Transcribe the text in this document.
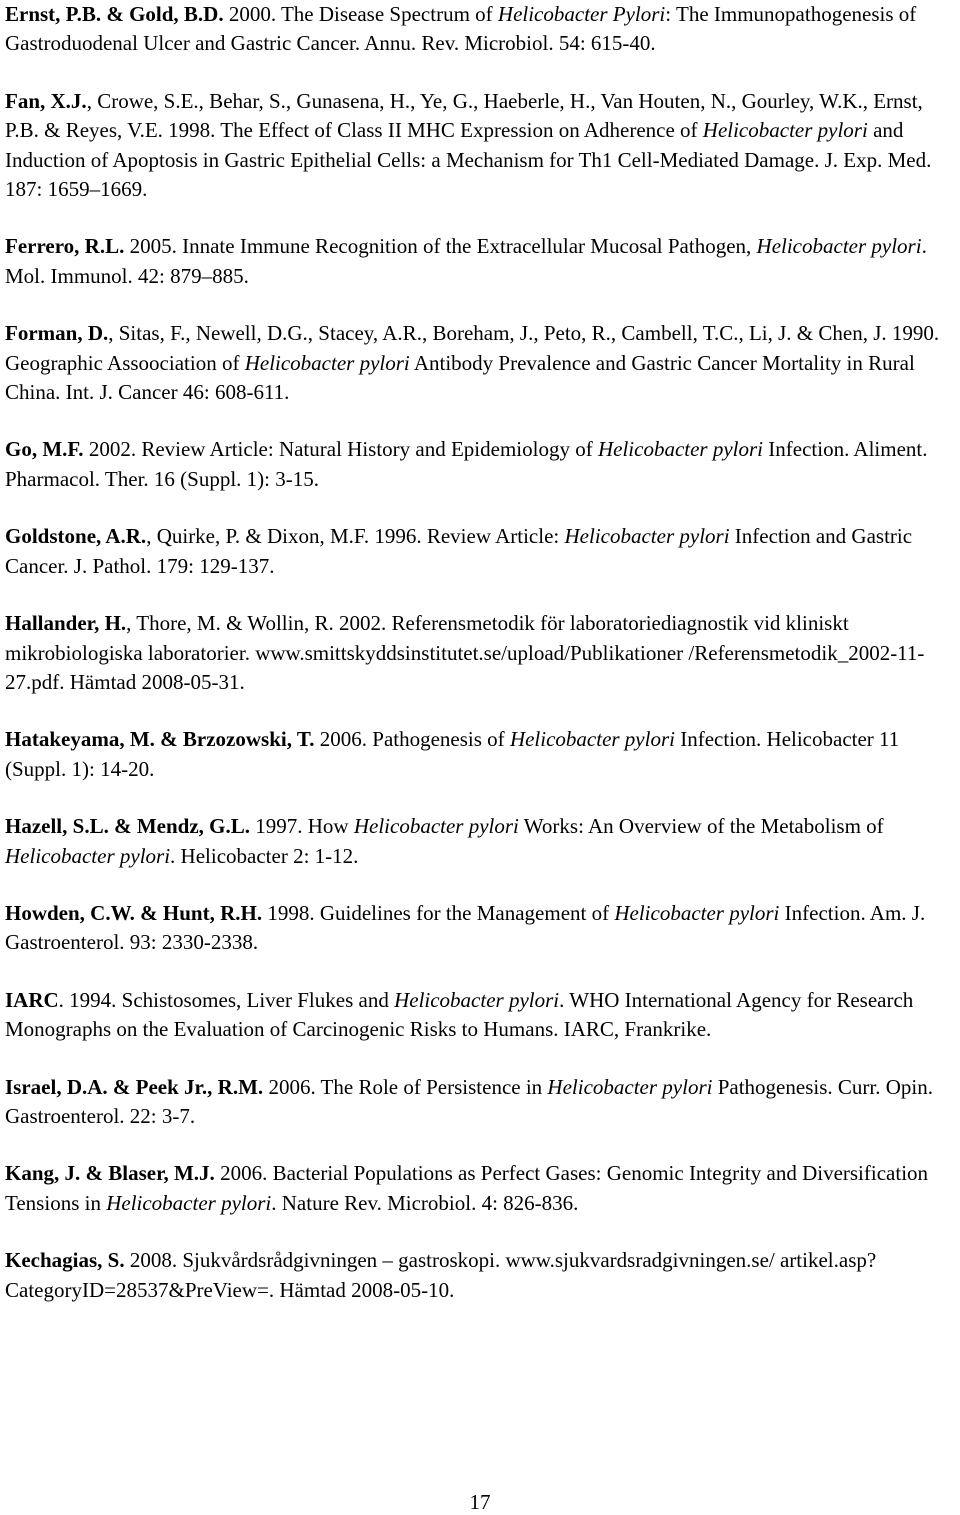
Ernst, P.B. & Gold, B.D. 2000. The Disease Spectrum of Helicobacter Pylori: The Immunopathogenesis of Gastroduodenal Ulcer and Gastric Cancer. Annu. Rev. Microbiol. 54: 615-40.
Fan, X.J., Crowe, S.E., Behar, S., Gunasena, H., Ye, G., Haeberle, H., Van Houten, N., Gourley, W.K., Ernst, P.B. & Reyes, V.E. 1998. The Effect of Class II MHC Expression on Adherence of Helicobacter pylori and Induction of Apoptosis in Gastric Epithelial Cells: a Mechanism for Th1 Cell-Mediated Damage. J. Exp. Med. 187: 1659–1669.
Ferrero, R.L. 2005. Innate Immune Recognition of the Extracellular Mucosal Pathogen, Helicobacter pylori. Mol. Immunol. 42: 879–885.
Forman, D., Sitas, F., Newell, D.G., Stacey, A.R., Boreham, J., Peto, R., Cambell, T.C., Li, J. & Chen, J. 1990. Geographic Assoociation of Helicobacter pylori Antibody Prevalence and Gastric Cancer Mortality in Rural China. Int. J. Cancer 46: 608-611.
Go, M.F. 2002. Review Article: Natural History and Epidemiology of Helicobacter pylori Infection. Aliment. Pharmacol. Ther. 16 (Suppl. 1): 3-15.
Goldstone, A.R., Quirke, P. & Dixon, M.F. 1996. Review Article: Helicobacter pylori Infection and Gastric Cancer. J. Pathol. 179: 129-137.
Hallander, H., Thore, M. & Wollin, R. 2002. Referensmetodik för laboratoriediagnostik vid kliniskt mikrobiologiska laboratorier. www.smittskyddsinstitutet.se/upload/Publikationer /Referensmetodik_2002-11-27.pdf. Hämtad 2008-05-31.
Hatakeyama, M. & Brzozowski, T. 2006. Pathogenesis of Helicobacter pylori Infection. Helicobacter 11 (Suppl. 1): 14-20.
Hazell, S.L. & Mendz, G.L. 1997. How Helicobacter pylori Works: An Overview of the Metabolism of Helicobacter pylori. Helicobacter 2: 1-12.
Howden, C.W. & Hunt, R.H. 1998. Guidelines for the Management of Helicobacter pylori Infection. Am. J. Gastroenterol. 93: 2330-2338.
IARC. 1994. Schistosomes, Liver Flukes and Helicobacter pylori. WHO International Agency for Research Monographs on the Evaluation of Carcinogenic Risks to Humans. IARC, Frankrike.
Israel, D.A. & Peek Jr., R.M. 2006. The Role of Persistence in Helicobacter pylori Pathogenesis. Curr. Opin. Gastroenterol. 22: 3-7.
Kang, J. & Blaser, M.J. 2006. Bacterial Populations as Perfect Gases: Genomic Integrity and Diversification Tensions in Helicobacter pylori. Nature Rev. Microbiol. 4: 826-836.
Kechagias, S. 2008. Sjukvårdsrådgivningen – gastroskopi. www.sjukvardsradgivningen.se/ artikel.asp?CategoryID=28537&PreView=. Hämtad 2008-05-10.
17
